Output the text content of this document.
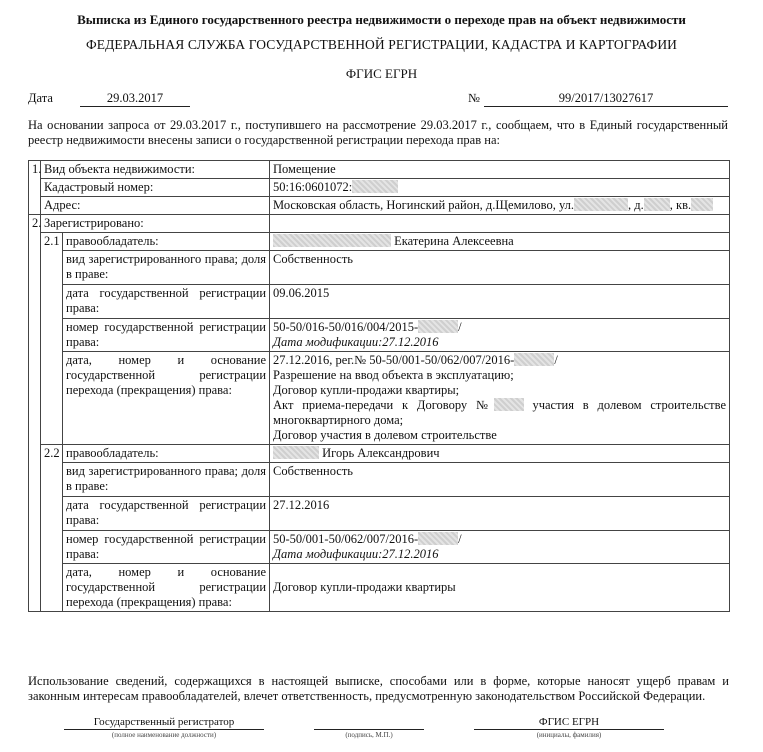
Выписка из Единого государственного реестра недвижимости о переходе прав на объект недвижимости
ФЕДЕРАЛЬНАЯ СЛУЖБА ГОСУДАРСТВЕННОЙ РЕГИСТРАЦИИ, КАДАСТРА И КАРТОГРАФИИ
ФГИС ЕГРН
Дата	29.03.2017	№	99/2017/13027617
На основании запроса от 29.03.2017 г., поступившего на рассмотрение 29.03.2017 г., сообщаем, что в Единый государственный реестр недвижимости внесены записи о государственной регистрации перехода прав на:
1.	Вид объекта недвижимости:		Помещение
	Кадастровый номер:		50:16:0601072:
	Адрес:		Московская область, Ногинский район, д.Щемилово, ул. , д. , кв.
2.	Зарегистрировано:		
	2.1	правообладатель:	Екатерина Алексеевна
		вид зарегистрированного права; доля в праве:	Собственность
		дата государственной регистрации права:	09.06.2015
		номер государственной регистрации права:	50-50/016-50/016/004/2015- /
Дата модификации:27.12.2016

		дата, номер и основание государственной регистрации перехода (прекращения) права:	27.12.2016, рег.№ 50-50/001-50/062/007/2016- /
Разрешение на ввод объекта в эксплуатацию;
Договор купли-продажи квартиры;
Акт приема-передачи к Договору № участия в долевом строительстве многоквартирного дома;
Договор участия в долевом строительстве

	2.2	правообладатель:	Игорь Александрович
		вид зарегистрированного права; доля в праве:	Собственность
		дата государственной регистрации права:	27.12.2016
		номер государственной регистрации права:	50-50/001-50/062/007/2016- /
Дата модификации:27.12.2016

		дата, номер и основание государственной регистрации перехода (прекращения) права:	Договор купли-продажи квартиры
Использование сведений, содержащихся в настоящей выписке, способами или в форме, которые наносят ущерб правам и законным интересам правообладателей, влечет ответственность, предусмотренную законодательством Российской Федерации.
Государственный регистратор
(полное наименование должности)	(подпись, М.П.)
ФГИС ЕГРН
(инициалы, фамилия)
